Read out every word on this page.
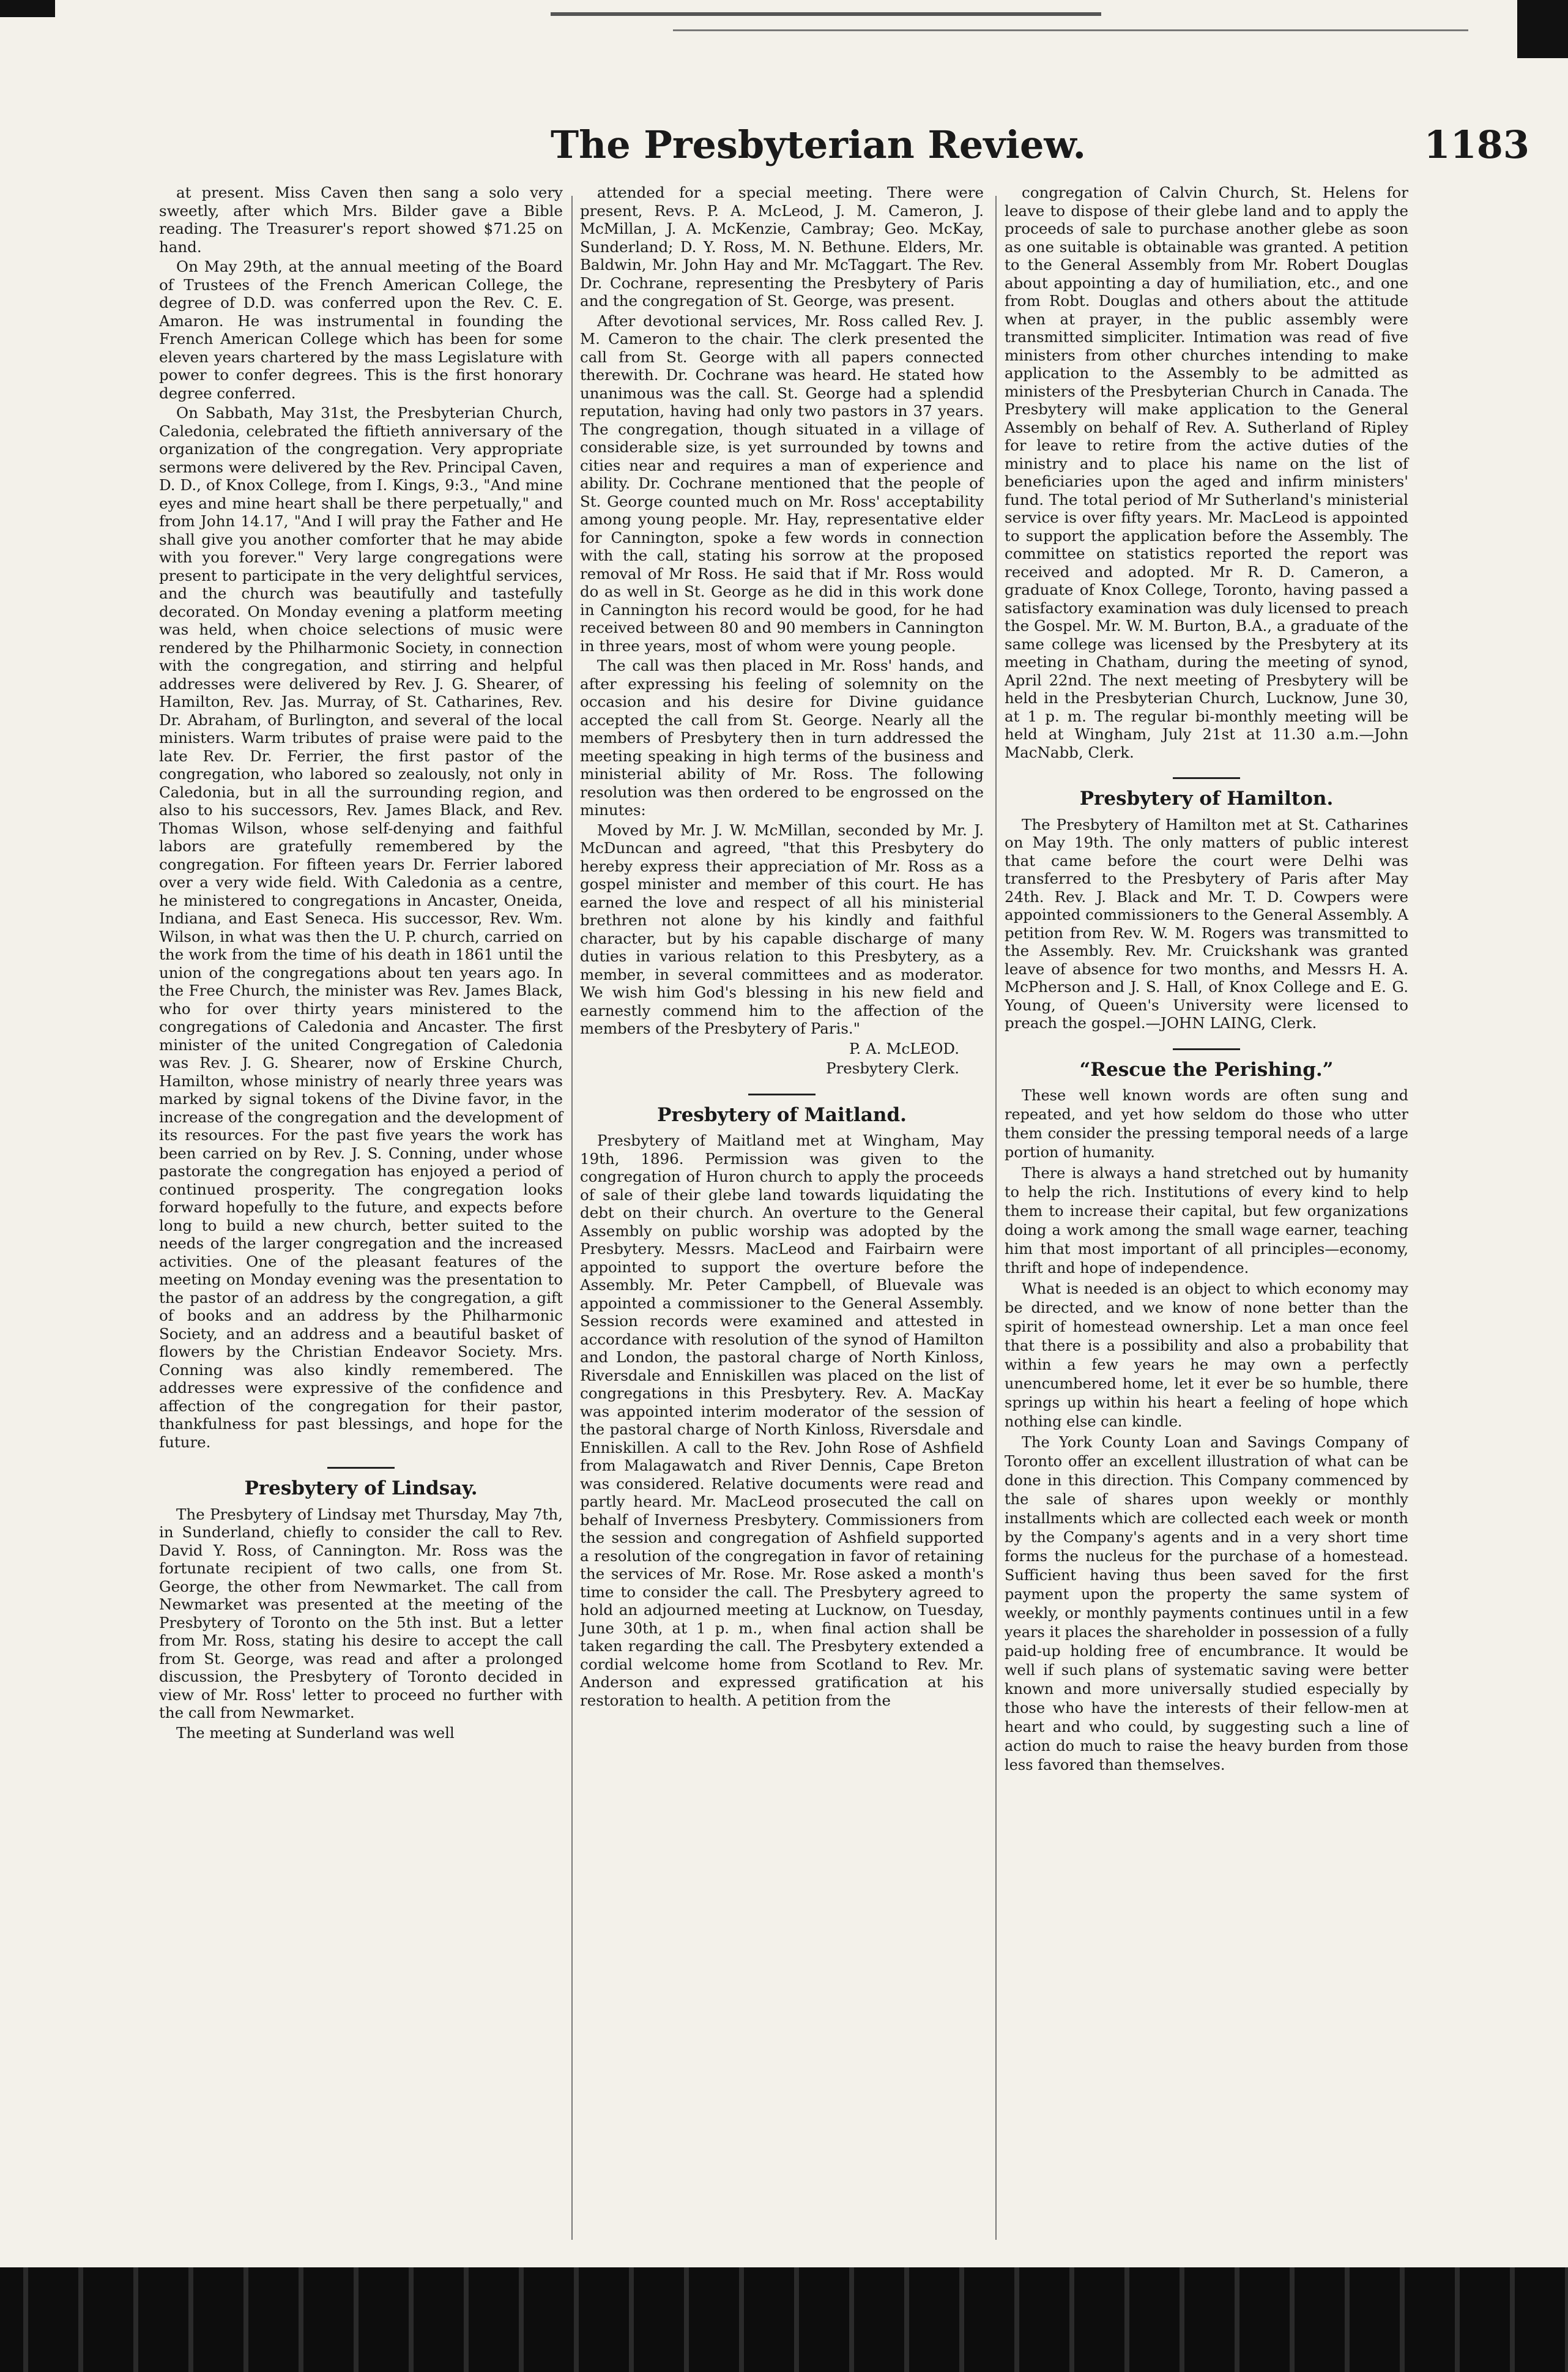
The Presbyterian Review.	1183

at present. Miss Caven then sang a solo very sweetly, after which Mrs. Bilder gave a Bible reading. The Treasurer's report showed $71.25 on hand.

On May 29th, at the annual meeting of the Board of Trustees of the French American College, the degree of D.D. was conferred upon the Rev. C. E. Amaron. He was instrumental in founding the French American College which has been for some eleven years chartered by the mass Legislature with power to confer degrees. This is the first honorary degree conferred.

On Sabbath, May 31st, the Presbyterian Church, Caledonia, celebrated the fiftieth anniversary of the organization of the congregation. Very appropriate sermons were delivered by the Rev. Principal Caven, D. D., of Knox College, from I. Kings, 9:3., "And mine eyes and mine heart shall be there perpetually," and from John 14.17, "And I will pray the Father and He shall give you another comforter that he may abide with you forever." Very large congregations were present to participate in the very delightful services, and the church was beautifully and tastefully decorated. On Monday evening a platform meeting was held, when choice selections of music were rendered by the Philharmonic Society, in connection with the congregation, and stirring and helpful addresses were delivered by Rev. J. G. Shearer, of Hamilton, Rev. Jas. Murray, of St. Catharines, Rev. Dr. Abraham, of Burlington, and several of the local ministers. Warm tributes of praise were paid to the late Rev. Dr. Ferrier, the first pastor of the congregation, who labored so zealously, not only in Caledonia, but in all the surrounding region, and also to his successors, Rev. James Black, and Rev. Thomas Wilson, whose self-denying and faithful labors are gratefully remembered by the congregation. For fifteen years Dr. Ferrier labored over a very wide field. With Caledonia as a centre, he ministered to congregations in Ancaster, Oneida, Indiana, and East Seneca. His successor, Rev. Wm. Wilson, in what was then the U. P. church, carried on the work from the time of his death in 1861 until the union of the congregations about ten years ago. In the Free Church, the minister was Rev. James Black, who for over thirty years ministered to the congregations of Caledonia and Ancaster. The first minister of the united Congregation of Caledonia was Rev. J. G. Shearer, now of Erskine Church, Hamilton, whose ministry of nearly three years was marked by signal tokens of the Divine favor, in the increase of the congregation and the development of its resources. For the past five years the work has been carried on by Rev. J. S. Conning, under whose pastorate the congregation has enjoyed a period of continued prosperity. The congregation looks forward hopefully to the future, and expects before long to build a new church, better suited to the needs of the larger congregation and the increased activities. One of the pleasant features of the meeting on Monday evening was the presentation to the pastor of an address by the congregation, a gift of books and an address by the Philharmonic Society, and an address and a beautiful basket of flowers by the Christian Endeavor Society. Mrs. Conning was also kindly remembered. The addresses were expressive of the confidence and affection of the congregation for their pastor, thankfulness for past blessings, and hope for the future.

Presbytery of Lindsay.

The Presbytery of Lindsay met Thursday, May 7th, in Sunderland, chiefly to consider the call to Rev. David Y. Ross, of Cannington. Mr. Ross was the fortunate recipient of two calls, one from St. George, the other from Newmarket. The call from Newmarket was presented at the meeting of the Presbytery of Toronto on the 5th inst. But a letter from Mr. Ross, stating his desire to accept the call from St. George, was read and after a prolonged discussion, the Presbytery of Toronto decided in view of Mr. Ross' letter to proceed no further with the call from Newmarket.

The meeting at Sunderland was well

attended for a special meeting. There were present, Revs. P. A. McLeod, J. M. Cameron, J. McMillan, J. A. McKenzie, Cambray; Geo. McKay, Sunderland; D. Y. Ross, M. N. Bethune. Elders, Mr. Baldwin, Mr. John Hay and Mr. McTaggart. The Rev. Dr. Cochrane, representing the Presbytery of Paris and the congregation of St. George, was present.

After devotional services, Mr. Ross called Rev. J. M. Cameron to the chair. The clerk presented the call from St. George with all papers connected therewith. Dr. Cochrane was heard. He stated how unanimous was the call. St. George had a splendid reputation, having had only two pastors in 37 years. The congregation, though situated in a village of considerable size, is yet surrounded by towns and cities near and requires a man of experience and ability. Dr. Cochrane mentioned that the people of St. George counted much on Mr. Ross' acceptability among young people. Mr. Hay, representative elder for Cannington, spoke a few words in connection with the call, stating his sorrow at the proposed removal of Mr Ross. He said that if Mr. Ross would do as well in St. George as he did in this work done in Cannington his record would be good, for he had received between 80 and 90 members in Cannington in three years, most of whom were young people.

The call was then placed in Mr. Ross' hands, and after expressing his feeling of solemnity on the occasion and his desire for Divine guidance accepted the call from St. George. Nearly all the members of Presbytery then in turn addressed the meeting speaking in high terms of the business and ministerial ability of Mr. Ross. The following resolution was then ordered to be engrossed on the minutes:

Moved by Mr. J. W. McMillan, seconded by Mr. J. McDuncan and agreed, "that this Presbytery do hereby express their appreciation of Mr. Ross as a gospel minister and member of this court. He has earned the love and respect of all his ministerial brethren not alone by his kindly and faithful character, but by his capable discharge of many duties in various relation to this Presbytery, as a member, in several committees and as moderator. We wish him God's blessing in his new field and earnestly commend him to the affection of the members of the Presbytery of Paris."

P. A. McLEOD.

Presbytery Clerk.

Presbytery of Maitland.

Presbytery of Maitland met at Wingham, May 19th, 1896. Permission was given to the congregation of Huron church to apply the proceeds of sale of their glebe land towards liquidating the debt on their church. An overture to the General Assembly on public worship was adopted by the Presbytery. Messrs. MacLeod and Fairbairn were appointed to support the overture before the Assembly. Mr. Peter Campbell, of Bluevale was appointed a commissioner to the General Assembly. Session records were examined and attested in accordance with resolution of the synod of Hamilton and London, the pastoral charge of North Kinloss, Riversdale and Enniskillen was placed on the list of congregations in this Presbytery. Rev. A. MacKay was appointed interim moderator of the session of the pastoral charge of North Kinloss, Riversdale and Enniskillen. A call to the Rev. John Rose of Ashfield from Malagawatch and River Dennis, Cape Breton was considered. Relative documents were read and partly heard. Mr. MacLeod prosecuted the call on behalf of Inverness Presbytery. Commissioners from the session and congregation of Ashfield supported a resolution of the congregation in favor of retaining the services of Mr. Rose. Mr. Rose asked a month's time to consider the call. The Presbytery agreed to hold an adjourned meeting at Lucknow, on Tuesday, June 30th, at 1 p. m., when final action shall be taken regarding the call. The Presbytery extended a cordial welcome home from Scotland to Rev. Mr. Anderson and expressed gratification at his restoration to health. A petition from the

congregation of Calvin Church, St. Helens for leave to dispose of their glebe land and to apply the proceeds of sale to purchase another glebe as soon as one suitable is obtainable was granted. A petition to the General Assembly from Mr. Robert Douglas about appointing a day of humiliation, etc., and one from Robt. Douglas and others about the attitude when at prayer, in the public assembly were transmitted simpliciter. Intimation was read of five ministers from other churches intending to make application to the Assembly to be admitted as ministers of the Presbyterian Church in Canada. The Presbytery will make application to the General Assembly on behalf of Rev. A. Sutherland of Ripley for leave to retire from the active duties of the ministry and to place his name on the list of beneficiaries upon the aged and infirm ministers' fund. The total period of Mr Sutherland's ministerial service is over fifty years. Mr. MacLeod is appointed to support the application before the Assembly. The committee on statistics reported the report was received and adopted. Mr R. D. Cameron, a graduate of Knox College, Toronto, having passed a satisfactory examination was duly licensed to preach the Gospel. Mr. W. M. Burton, B.A., a graduate of the same college was licensed by the Presbytery at its meeting in Chatham, during the meeting of synod, April 22nd. The next meeting of Presbytery will be held in the Presbyterian Church, Lucknow, June 30, at 1 p. m. The regular bi-monthly meeting will be held at Wingham, July 21st at 11.30 a.m.—John MacNabb, Clerk.

Presbytery of Hamilton.

The Presbytery of Hamilton met at St. Catharines on May 19th. The only matters of public interest that came before the court were Delhi was transferred to the Presbytery of Paris after May 24th. Rev. J. Black and Mr. T. D. Cowpers were appointed commissioners to the General Assembly. A petition from Rev. W. M. Rogers was transmitted to the Assembly. Rev. Mr. Cruickshank was granted leave of absence for two months, and Messrs H. A. McPherson and J. S. Hall, of Knox College and E. G. Young, of Queen's University were licensed to preach the gospel.—JOHN LAING, Clerk.

“Rescue the Perishing.”

These well known words are often sung and repeated, and yet how seldom do those who utter them consider the pressing temporal needs of a large portion of humanity.

There is always a hand stretched out by humanity to help the rich. Institutions of every kind to help them to increase their capital, but few organizations doing a work among the small wage earner, teaching him that most important of all principles—economy, thrift and hope of independence.

What is needed is an object to which economy may be directed, and we know of none better than the spirit of homestead ownership. Let a man once feel that there is a possibility and also a probability that within a few years he may own a perfectly unencumbered home, let it ever be so humble, there springs up within his heart a feeling of hope which nothing else can kindle.

The York County Loan and Savings Company of Toronto offer an excellent illustration of what can be done in this direction. This Company commenced by the sale of shares upon weekly or monthly installments which are collected each week or month by the Company's agents and in a very short time forms the nucleus for the purchase of a homestead. Sufficient having thus been saved for the first payment upon the property the same system of weekly, or monthly payments continues until in a few years it places the shareholder in possession of a fully paid-up holding free of encumbrance. It would be well if such plans of systematic saving were better known and more universally studied especially by those who have the interests of their fellow-men at heart and who could, by suggesting such a line of action do much to raise the heavy burden from those less favored than themselves.
